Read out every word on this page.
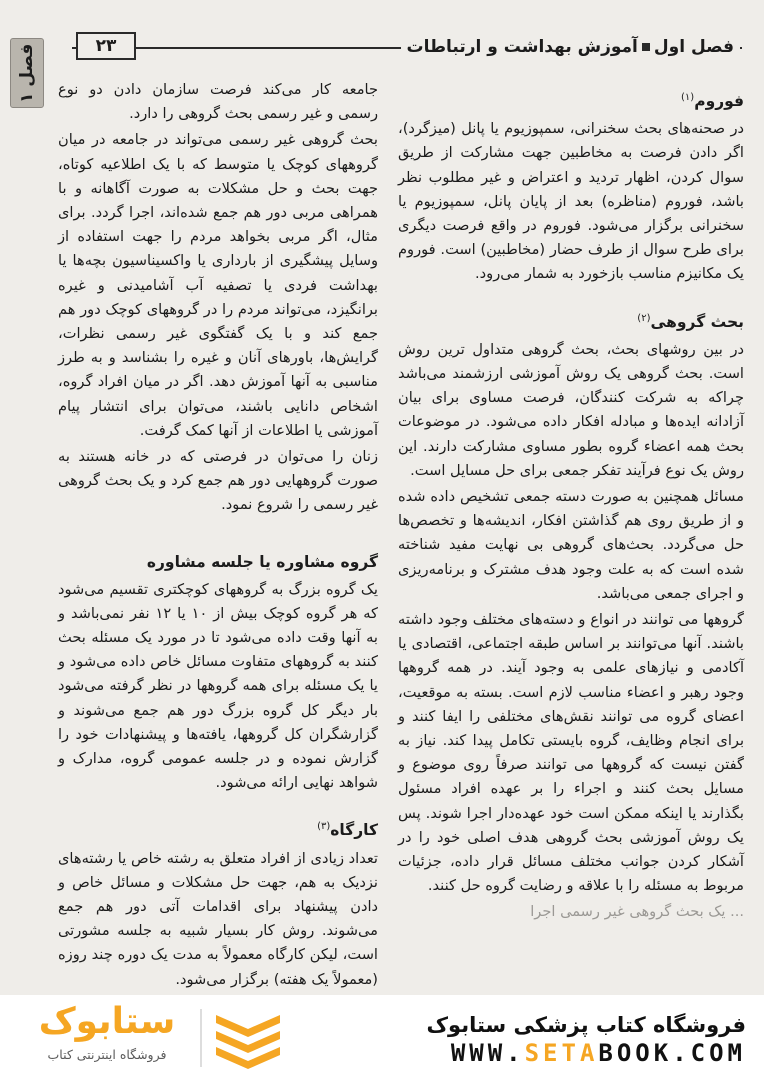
۲۳	فصل اولآموزش بهداشت و ارتباطات
فصل ۱
فوروم$^{(۱)}$

در صحنه‌های بحث سخنرانی، سمپوزیوم یا پانل (میزگرد)، اگر دادن فرصت به مخاطبین جهت مشارکت از طریق سوال کردن، اظهار تردید و اعتراض و غیر مطلوب نظر باشد، فوروم (مناظره) بعد از پایان پانل، سمپوزیوم یا سخنرانی برگزار می‌شود. فوروم در واقع فرصت دیگری برای طرح سوال از طرف حضار (مخاطبین) است. فوروم یک مکانیزم مناسب بازخورد به شمار می‌رود.

بحث گروهی$^{(۲)}$

در بین روشهای بحث، بحث گروهی متداول ترین روش است. بحث گروهی یک روش آموزشی ارزشمند می‌باشد چراکه به شرکت کنندگان، فرصت مساوی برای بیان آزادانه ایده‌ها و مبادله افکار داده می‌شود. در موضوعات بحث همه اعضاء گروه بطور مساوی مشارکت دارند. این روش یک نوع فرآیند تفکر جمعی برای حل مسایل است.

مسائل همچنین به صورت دسته جمعی تشخیص داده شده و از طریق روی هم گذاشتن افکار، اندیشه‌ها و تخصص‌ها حل می‌گردد. بحث‌های گروهی بی نهایت مفید شناخته شده است که به علت وجود هدف مشترک و برنامه‌ریزی و اجرای جمعی می‌باشد.

گروهها می توانند در انواع و دسته‌های مختلف وجود داشته باشند. آنها می‌توانند بر اساس طبقه اجتماعی، اقتصادی یا آکادمی و نیازهای علمی به وجود آیند. در همه گروهها وجود رهبر و اعضاء مناسب لازم است. بسته به موقعیت، اعضای گروه می توانند نقش‌های مختلفی را ایفا کنند و برای انجام وظایف، گروه بایستی تکامل پیدا کند. نیاز به گفتن نیست که گروهها می توانند صرفاً روی موضوع و مسایل بحث کنند و اجراء را بر عهده افراد مسئول بگذارند یا اینکه ممکن است خود عهده‌دار اجرا شوند. پس یک روش آموزشی بحث گروهی هدف اصلی خود را در آشکار کردن جوانب مختلف مسائل قرار داده، جزئیات مربوط به مسئله را با علاقه و رضایت گروه حل کنند.

... یک بحث گروهی غیر رسمی اجرا

جامعه کار می‌کند فرصت سازمان دادن دو نوع رسمی و غیر رسمی بحث گروهی را دارد.

بحث گروهی غیر رسمی می‌تواند در جامعه در میان گروههای کوچک یا متوسط که با یک اطلاعیه کوتاه، جهت بحث و حل مشکلات به صورت آگاهانه و با همراهی مربی دور هم جمع شده‌اند، اجرا گردد. برای مثال، اگر مربی بخواهد مردم را جهت استفاده از وسایل پیشگیری از بارداری یا واکسیناسیون بچه‌ها یا بهداشت فردی یا تصفیه آب آشامیدنی و غیره برانگیزد، می‌تواند مردم را در گروههای کوچک دور هم جمع کند و با یک گفتگوی غیر رسمی نظرات، گرایش‌ها، باورهای آنان و غیره را بشناسد و به طرز مناسبی به آنها آموزش دهد. اگر در میان افراد گروه، اشخاص دانایی باشند، می‌توان برای انتشار پیام آموزشی یا اطلاعات از آنها کمک گرفت.

زنان را می‌توان در فرصتی که در خانه هستند به صورت گروههایی دور هم جمع کرد و یک بحث گروهی غیر رسمی را شروع نمود.

گروه مشاوره یا جلسه مشاوره

یک گروه بزرگ به گروههای کوچکتری تقسیم می‌شود که هر گروه کوچک بیش از ۱۰ یا ۱۲ نفر نمی‌باشد و به آنها وقت داده می‌شود تا در مورد یک مسئله بحث کنند به گروههای متفاوت مسائل خاص داده می‌شود و یا یک مسئله برای همه گروهها در نظر گرفته می‌شود بار دیگر کل گروه بزرگ دور هم جمع می‌شوند و گزارشگران کل گروهها، یافته‌ها و پیشنهادات خود را گزارش نموده و در جلسه عمومی گروه، مدارک و شواهد نهایی ارائه می‌شود.

کارگاه$^{(۳)}$

تعداد زیادی از افراد متعلق به رشته خاص یا رشته‌های نزدیک به هم، جهت حل مشکلات و مسائل خاص و دادن پیشنهاد برای اقدامات آتی دور هم جمع می‌شوند. روش کار بسیار شبیه به جلسه مشورتی است، لیکن کارگاه معمولاً به مدت یک دوره چند روزه (معمولاً یک هفته) برگزار می‌شود.

ستابوک
فروشگاه اینترنتی کتاب
فروشگاه کتاب پزشکی ستابوک
WWW.SETABOOK.COM
